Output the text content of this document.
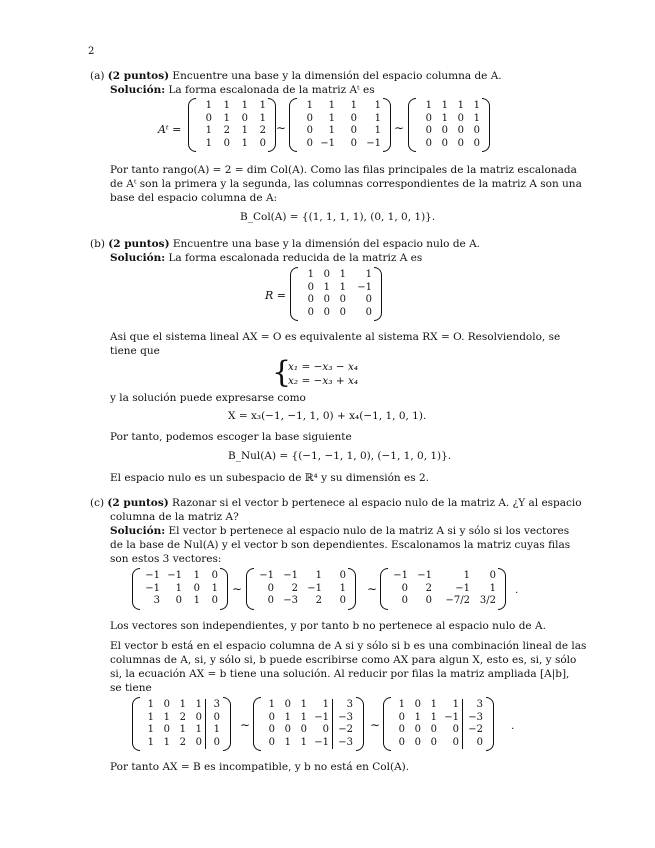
2
(a) (2 puntos) Encuentre una base y la dimensión del espacio columna de A.
Solución: La forma escalonada de la matriz Aᵗ es
Aᵗ =
1	1	1	1
0	1	0	1
1	2	1	2
1	0	1	0
∼
1	1	1	1
0	1	0	1
0	1	0	1
0 −1	0 −1
∼
1 1 1 1
0 1 0 1
0 0 0 0
0 0 0 0
Por tanto rango(A) = 2 = dim Col(A). Como las filas principales de la matriz escalonada
de Aᵗ son la primera y la segunda, las columnas correspondientes de la matriz A son una
base del espacio columna de A:
B_Col(A) = {(1, 1, 1, 1), (0, 1, 0, 1)}.
(b) (2 puntos) Encuentre una base y la dimensión del espacio nulo de A.
Solución: La forma escalonada reducida de la matriz A es
R =
1 0 1	1
0 1 1	−1
0 0 0	0
0 0 0	0
Asi que el sistema lineal AX = O es equivalente al sistema RX = O. Resolviendolo, se
tiene que
{
x₁ = −x₃ − x₄
x₂ = −x₃ + x₄
y la solución puede expresarse como
X = x₃(−1, −1, 1, 0) + x₄(−1, 1, 0, 1).
Por tanto, podemos escoger la base siguiente
B_Nul(A) = {(−1, −1, 1, 0), (−1, 1, 0, 1)}.
El espacio nulo es un subespacio de ℝ⁴ y su dimensión es 2.
(c) (2 puntos) Razonar si el vector b pertenece al espacio nulo de la matriz A. ¿Y al espacio
columna de la matriz A?
Solución: El vector b pertenece al espacio nulo de la matriz A si y sólo si los vectores
de la base de Nul(A) y el vector b son dependientes. Escalonamos la matriz cuyas filas
son estos 3 vectores:
−1 −1	1	0
−1	1	0	1
3	0	1	0
∼
−1 −1	1	0
0	2 −1	1
0 −3	2	0
∼
−1 −1	1	0
0	2	−1	1
0	0	−7/2 3/2
.
Los vectores son independientes, y por tanto b no pertenece al espacio nulo de A.
El vector b está en el espacio columna de A si y sólo si b es una combinación lineal de las
columnas de A, si, y sólo si, b puede escribirse como AX para algun X, esto es, si, y sólo
si, la ecuación AX = b tiene una solución. Al reducir por filas la matriz ampliada [A|b],
se tiene
1 0 1 1	3
1 1 2 0	0
1 0 1 1	1
1 1 2 0	0
∼
1 0 1	1	3
0 1 1 −1 −3
0 0 0	0 −2
0 1 1 −1 −3
∼
1 0 1	1	3
0 1 1 −1 −3
0 0 0	0 −2
0 0 0	0	0
.
Por tanto AX = B es incompatible, y b no está en Col(A).
